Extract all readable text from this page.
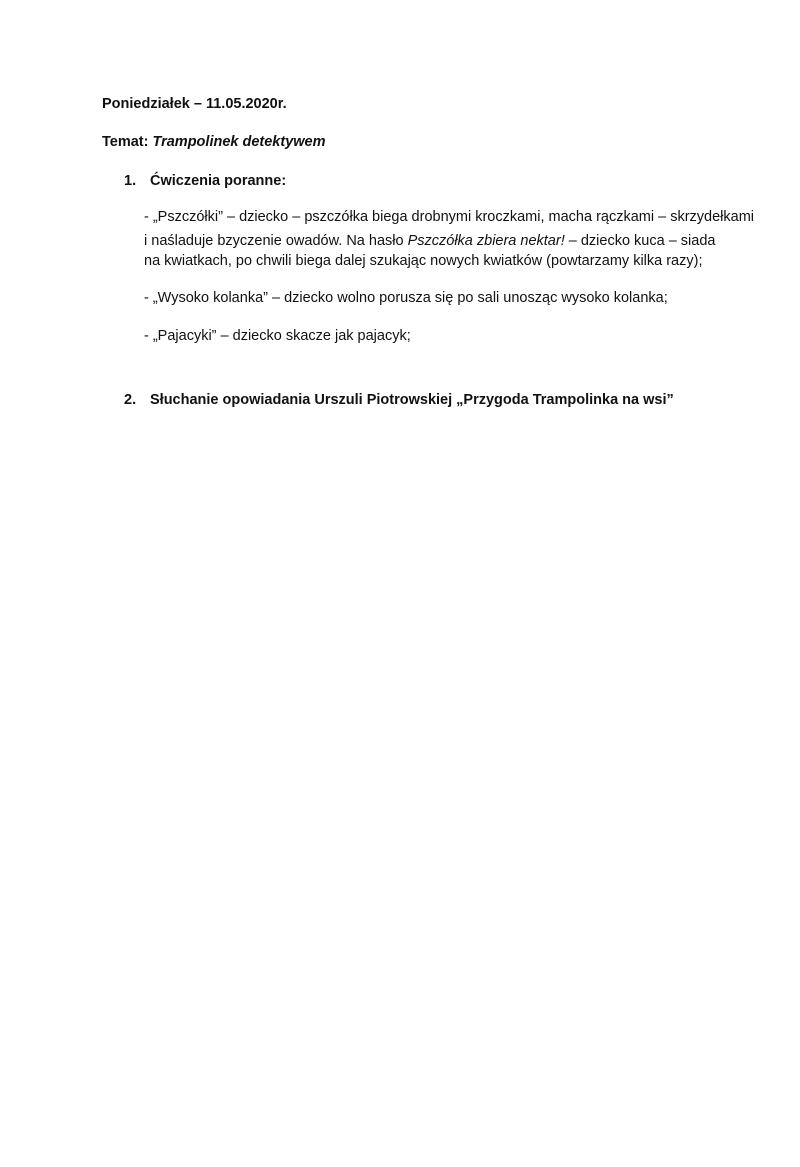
Poniedziałek – 11.05.2020r.
Temat: Trampolinek detektywem
1. Ćwiczenia poranne:
- „Pszczółki” – dziecko – pszczółka biega drobnymi kroczkami, macha rączkami – skrzydełkami
i naśladuje bzyczenie owadów. Na hasło Pszczółka zbiera nektar! – dziecko kuca – siada
na kwiatkach, po chwili biega dalej szukając nowych kwiatków (powtarzamy kilka razy);
- „Wysoko kolanka” – dziecko wolno porusza się po sali unosząc wysoko kolanka;
- „Pajacyki” – dziecko skacze jak pajacyk;
2. Słuchanie opowiadania Urszuli Piotrowskiej „Przygoda Trampolinka na wsi”
